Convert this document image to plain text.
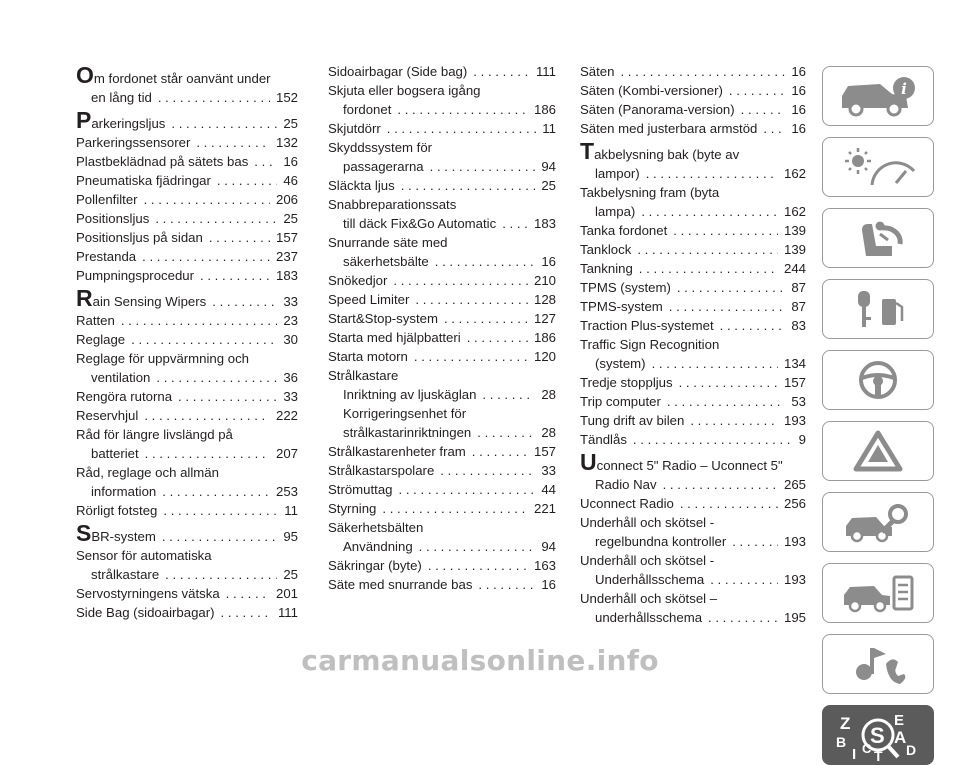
O m fordonet står oanvänt under
en lång tid . . .	152
P arkeringsljus . . .	25
Parkeringssensorer . . .	132
Plastbeklädnad på sätets bas . . .	16
Pneumatiska fjädringar . . .	46
Pollenfilter . . .	206
Positionsljus . . .	25
Positionsljus på sidan . . .	157
Prestanda . . .	237
Pumpningsprocedur . . .	183
R ain Sensing Wipers . . .	33
Ratten . . .	23
Reglage . . .	30
Reglage för uppvärmning och
ventilation . . .	36
Rengöra rutorna . . .	33
Reservhjul . . .	222
Råd för längre livslängd på
batteriet . . .	207
Råd, reglage och allmän
information . . .	253
Rörligt fotsteg . . .	11
S BR-system . . .	95
Sensor för automatiska
strålkastare . . .	25
Servostyrningens vätska . . .	201
Side Bag (sidoairbagar) . . .	111
Sidoairbagar (Side bag) . . .	111
Skjuta eller bogsera igång
fordonet . . .	186
Skjutdörr . . .	11
Skyddssystem för
passagerarna . . .	94
Släckta ljus . . .	25
Snabbreparationssats
till däck Fix&Go Automatic . . .	183
Snurrande säte med
säkerhetsbälte . . .	16
Snökedjor . . .	210
Speed Limiter . . .	128
Start&Stop-system . . .	127
Starta med hjälpbatteri . . .	186
Starta motorn . . .	120
Strålkastare
Inriktning av ljuskäglan . . .	28
Korrigeringsenhet för
strålkastarinriktningen . . .	28
Strålkastarenheter fram . . .	157
Strålkastarspolare . . .	33
Strömuttag . . .	44
Styrning . . .	221
Säkerhetsbälten
Användning . . .	94
Säkringar (byte) . . .	163
Säte med snurrande bas . . .	16
Säten . . .	16
Säten (Kombi-versioner) . . .	16
Säten (Panorama-version) . . .	16
Säten med justerbara armstöd . . .	16
T akbelysning bak (byte av
lampor) . . .	162
Takbelysning fram (byta
lampa) . . .	162
Tanka fordonet . . .	139
Tanklock . . .	139
Tankning . . .	244
TPMS (system) . . .	87
TPMS-system . . .	87
Traction Plus-systemet . . .	83
Traffic Sign Recognition
(system) . . .	134
Tredje stoppljus . . .	157
Trip computer . . .	53
Tung drift av bilen . . .	193
Tändlås . . .	9
U connect 5" Radio – Uconnect 5"
Radio Nav . . .	265
Uconnect Radio . . .	256
Underhåll och skötsel -
regelbundna kontroller . . .	193
Underhåll och skötsel -
Underhållsschema . . .	193
Underhåll och skötsel –
underhållsschema . . .	195
i
Z	E
B	A
I C T D
S
carmanualsonline.info
